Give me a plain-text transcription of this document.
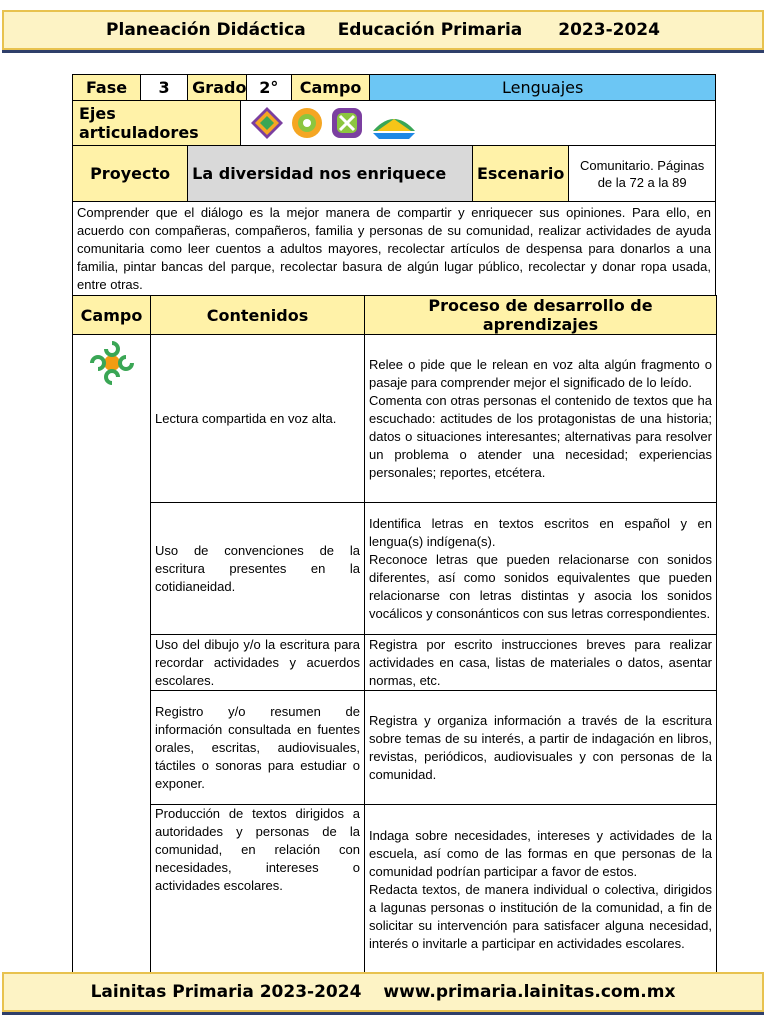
Planeación Didáctica Educación Primaria 2023-2024
Fase	3	Grado	2°	Campo	Lenguajes		

Ejes articuladores							

Proyecto		La diversidad nos enriquece				Escenario	Comunitario. Páginas de la 72 a la 89
Comprender que el diálogo es la mejor manera de compartir y enriquecer sus opiniones. Para ello, en acuerdo con compañeras, compañeros, familia y personas de su comunidad, realizar actividades de ayuda comunitaria como leer cuentos a adultos mayores, recolectar artículos de despensa para donarlos a una familia, pintar bancas del parque, recolectar basura de algún lugar público, recolectar y donar ropa usada, entre otras.							
Campo	Contenidos	Proceso de desarrollo de aprendizajes
	Lectura compartida en voz alta.	Relee o pide que le relean en voz alta algún fragmento o pasaje para comprender mejor el significado de lo leído.
Comenta con otras personas el contenido de textos que ha escuchado: actitudes de los protagonistas de una historia; datos o situaciones interesantes; alternativas para resolver un problema o atender una necesidad; experiencias personales; reportes, etcétera.
	Uso de convenciones de la escritura presentes en la cotidianeidad.	Identifica letras en textos escritos en español y en lengua(s) indígena(s).
Reconoce letras que pueden relacionarse con sonidos diferentes, así como sonidos equivalentes que pueden relacionarse con letras distintas y asocia los sonidos vocálicos y consonánticos con sus letras correspondientes.
	Uso del dibujo y/o la escritura para recordar actividades y acuerdos escolares.	Registra por escrito instrucciones breves para realizar actividades en casa, listas de materiales o datos, asentar normas, etc.
	Registro y/o resumen de información consultada en fuentes orales, escritas, audiovisuales, táctiles o sonoras para estudiar o exponer.	Registra y organiza información a través de la escritura sobre temas de su interés, a partir de indagación en libros, revistas, periódicos, audiovisuales y con personas de la comunidad.
	Producción de textos dirigidos a autoridades y personas de la comunidad, en relación con necesidades, intereses o actividades escolares.	Indaga sobre necesidades, intereses y actividades de la escuela, así como de las formas en que personas de la comunidad podrían participar a favor de estos.
Redacta textos, de manera individual o colectiva, dirigidos a lagunas personas o institución de la comunidad, a fin de solicitar su intervención para satisfacer alguna necesidad, interés o invitarle a participar en actividades escolares.
Lainitas Primaria 2023-2024 www.primaria.lainitas.com.mx
